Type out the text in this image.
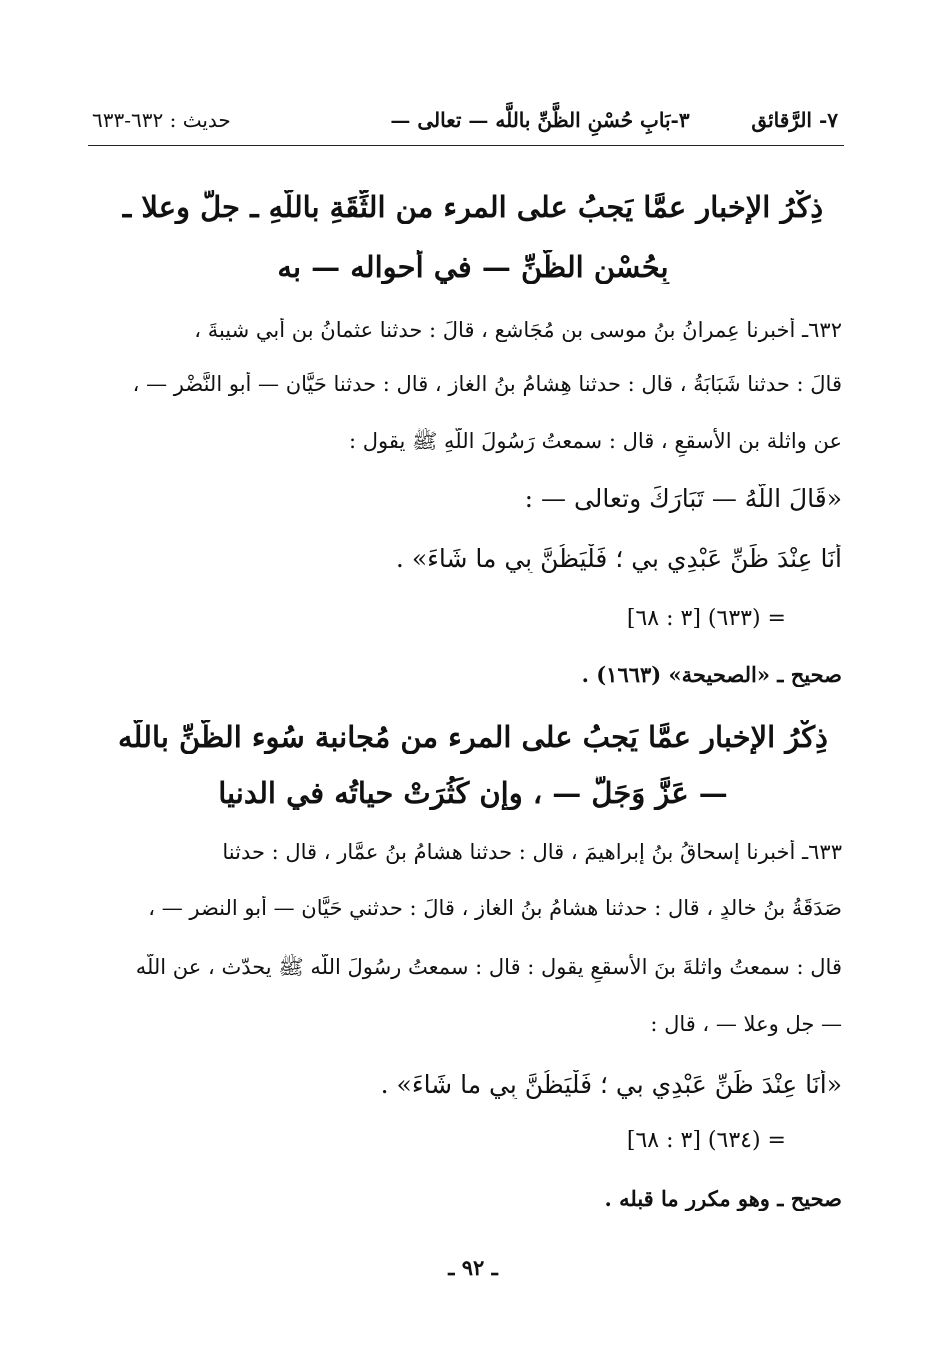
٧- الرَّقائق
٣-بَابِ حُسْنِ الظَّنِّ باللَّه — تعالى —
حديث : ٦٣٢-٦٣٣
ذِكْرُ الإخبارِ عمَّا يَجبُ على المرء من الثِّقَةِ باللَّهِ ـ جلَّ وعلا ـ
بِحُسْنِ الظَّنِّ — في أحواله — به
٦٣٢ـ أخبرنا عِمرانُ بنُ موسى بن مُجَاشع ، قالَ : حدثنا عثمانُ بن أبي شيبةَ ،
قالَ : حدثنا شَبَابَةُ ، قال : حدثنا هِشامُ بنُ الغاز ، قال : حدثنا حَيَّان — أبو النَّضْر — ،
عن واثلة بن الأسقعِ ، قال : سمعتُ رَسُولَ اللَّهِ ﷺ يقول :
«قَالَ اللَّهُ — تَبَارَكَ وتعالى — :
أَنَا عِنْدَ ظَنِّ عَبْدِي بي ؛ فَلْيَظُنَّ بِي ما شَاءَ» .
= (٦٣٣) [٣ : ٦٨]
صحيح ـ «الصحيحة» (١٦٦٣) .
ذِكْرُ الإخبار عمَّا يَجبُ على المرء من مُجانبة سُوء الظَّنِّ باللَّه
— عَزَّ وَجَلَّ — ، وإن كَثُرَتْ حياتُه في الدنيا
٦٣٣ـ أخبرنا إسحاقُ بنُ إبراهيمَ ، قال : حدثنا هشامُ بنُ عمَّار ، قال : حدثنا
صَدَقَةُ بنُ خالدٍ ، قال : حدثنا هشامُ بنُ الغاز ، قالَ : حدثني حَيَّان — أبو النضر — ،
قال : سمعتُ واثلةَ بنَ الأسقعِ يقول : قال : سمعتُ رسُولَ اللَّه ﷺ يحدّث ، عن اللَّه
— جل وعلا — ، قال :
«أَنَا عِنْدَ ظَنِّ عَبْدِي بي ؛ فَلْيَظُنَّ بِي ما شَاءَ» .
= (٦٣٤) [٣ : ٦٨]
صحيح ـ وهو مكرر ما قبله .
ـ ٩٢ ـ
